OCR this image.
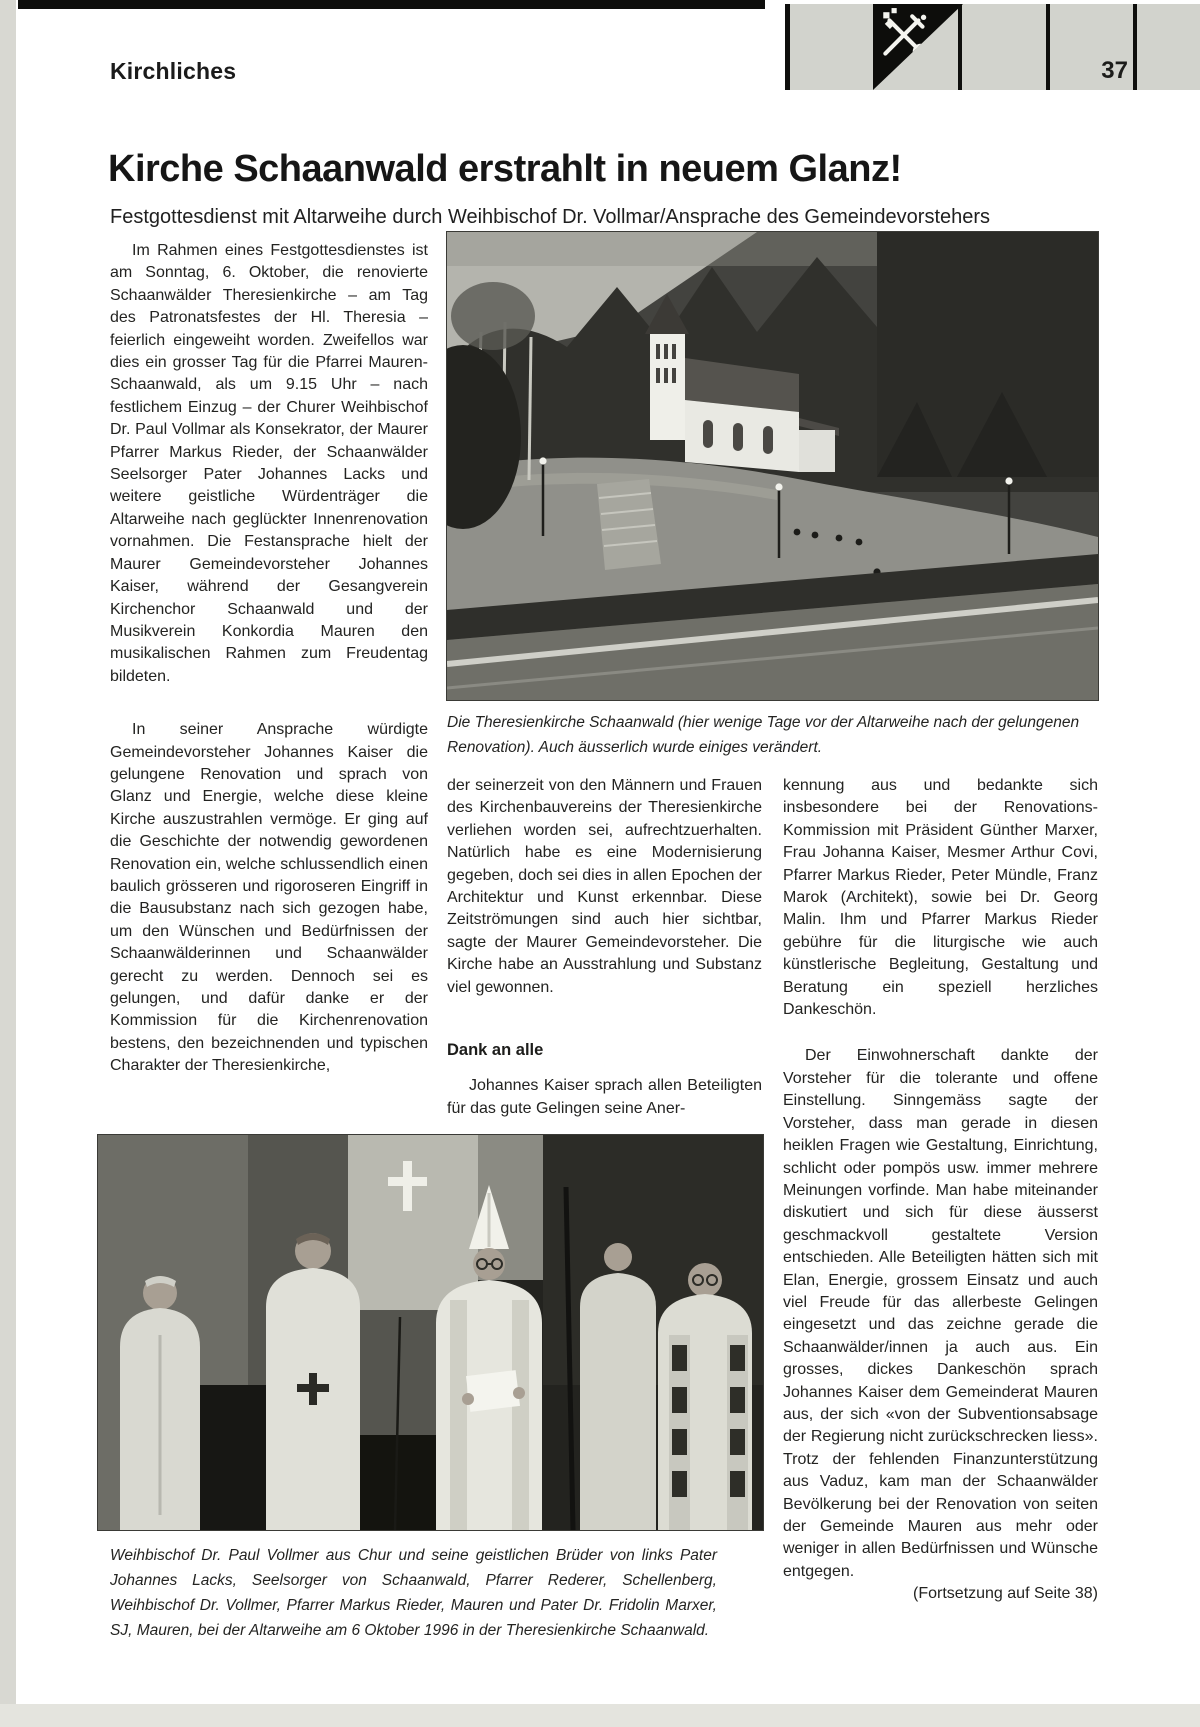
37
Kirchliches
Kirche Schaanwald erstrahlt in neuem Glanz!
Festgottesdienst mit Altarweihe durch Weihbischof Dr. Vollmar/Ansprache des Gemeindevorstehers

Im Rahmen eines Festgottesdienstes ist am Sonntag, 6. Oktober, die renovierte Schaanwälder Theresienkirche – am Tag des Patronatsfestes der Hl. Theresia – feierlich eingeweiht worden. Zweifellos war dies ein grosser Tag für die Pfarrei Mauren-Schaanwald, als um 9.15 Uhr – nach festlichem Einzug – der Churer Weihbischof Dr. Paul Vollmar als Konsekrator, der Maurer Pfarrer Markus Rieder, der Schaanwälder Seelsorger Pater Johannes Lacks und weitere geistliche Würdenträger die Altarweihe nach geglückter Innenrenovation vornahmen. Die Festansprache hielt der Maurer Gemeindevorsteher Johannes Kaiser, während der Gesangverein Kirchenchor Schaanwald und der Musikverein Konkordia Mauren den musikalischen Rahmen zum Freudentag bildeten.

In seiner Ansprache würdigte Gemeindevorsteher Johannes Kaiser die gelungene Renovation und sprach von Glanz und Energie, welche diese kleine Kirche auszustrahlen vermöge. Er ging auf die Geschichte der notwendig gewordenen Renovation ein, welche schlussendlich einen baulich grösseren und rigoroseren Eingriff in die Bausubstanz nach sich gezogen habe, um den Wünschen und Bedürfnissen der Schaanwälderinnen und Schaanwälder gerecht zu werden. Dennoch sei es gelungen, und dafür danke er der Kommission für die Kirchenrenovation bestens, den bezeichnenden und typischen Charakter der Theresienkirche,

Die Theresienkirche Schaanwald (hier wenige Tage vor der Altarweihe nach der gelungenen Renovation). Auch äusserlich wurde einiges verändert.

der seinerzeit von den Männern und Frauen des Kirchenbauvereins der Theresienkirche verliehen worden sei, aufrechtzuerhalten. Natürlich habe es eine Modernisierung gegeben, doch sei dies in allen Epochen der Architektur und Kunst erkennbar. Diese Zeitströmungen sind auch hier sichtbar, sagte der Maurer Gemeindevorsteher. Die Kirche habe an Ausstrahlung und Substanz viel gewonnen.

Dank an alle

Johannes Kaiser sprach allen Beteiligten für das gute Gelingen seine Aner-

kennung aus und bedankte sich insbesondere bei der Renovations-Kommission mit Präsident Günther Marxer, Frau Johanna Kaiser, Mesmer Arthur Covi, Pfarrer Markus Rieder, Peter Mündle, Franz Marok (Architekt), sowie bei Dr. Georg Malin. Ihm und Pfarrer Markus Rieder gebühre für die liturgische wie auch künstlerische Begleitung, Gestaltung und Beratung ein speziell herzliches Dankeschön.

Der Einwohnerschaft dankte der Vorsteher für die tolerante und offene Einstellung. Sinngemäss sagte der Vorsteher, dass man gerade in diesen heiklen Fragen wie Gestaltung, Einrichtung, schlicht oder pompös usw. immer mehrere Meinungen vorfinde. Man habe miteinander diskutiert und sich für diese äusserst geschmackvoll gestaltete Version entschieden. Alle Beteiligten hätten sich mit Elan, Energie, grossem Einsatz und auch viel Freude für das allerbeste Gelingen eingesetzt und das zeichne gerade die Schaanwälder/innen ja auch aus. Ein grosses, dickes Dankeschön sprach Johannes Kaiser dem Gemeinderat Mauren aus, der sich «von der Subventionsabsage der Regierung nicht zurückschrecken liess». Trotz der fehlenden Finanzunterstützung aus Vaduz, kam man der Schaanwälder Bevölkerung bei der Renovation von seiten der Gemeinde Mauren aus mehr oder weniger in allen Bedürfnissen und Wünsche entgegen.

(Fortsetzung auf Seite 38)
Weihbischof Dr. Paul Vollmer aus Chur und seine geistlichen Brüder von links Pater Johannes Lacks, Seelsorger von Schaanwald, Pfarrer Rederer, Schellenberg, Weihbischof Dr. Vollmer, Pfarrer Markus Rieder, Mauren und Pater Dr. Fridolin Marxer, SJ, Mauren, bei der Altarweihe am 6 Oktober 1996 in der Theresienkirche Schaanwald.
